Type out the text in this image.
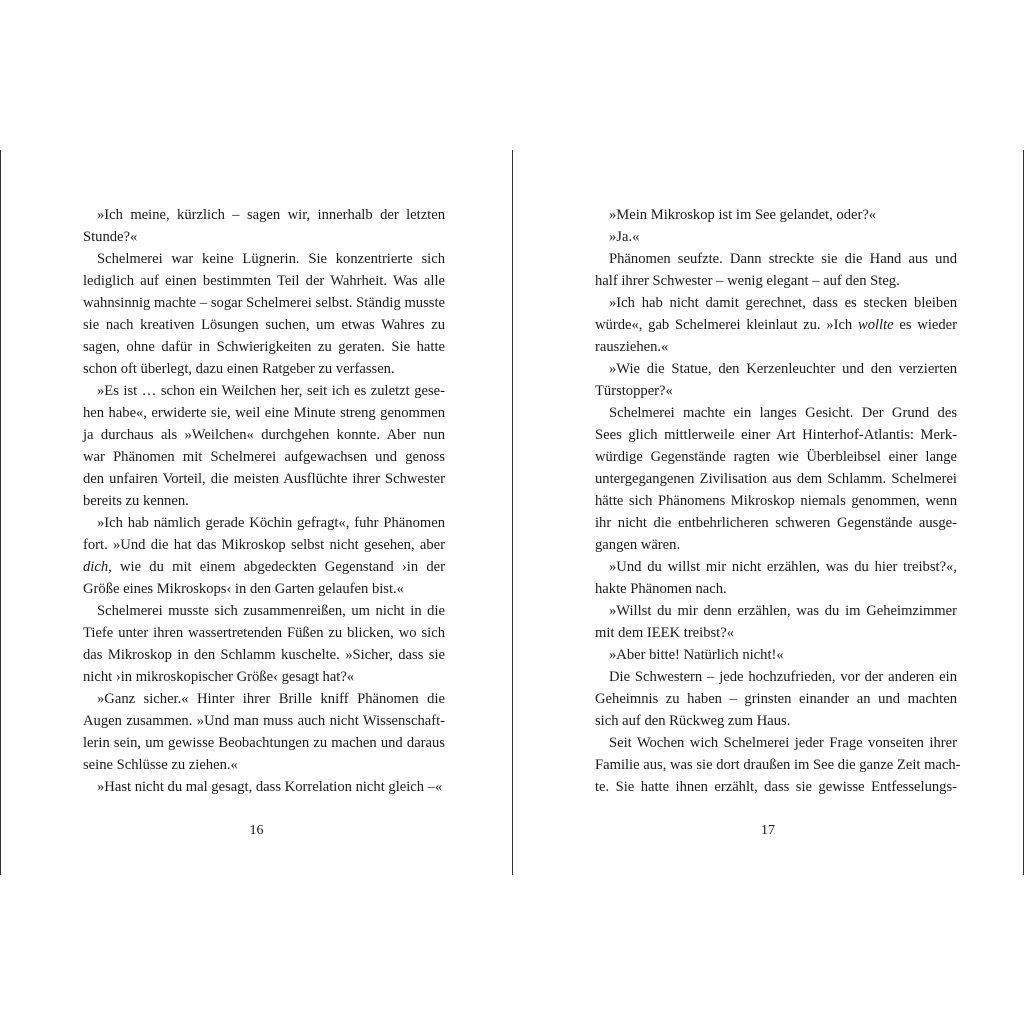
»Ich meine, kürzlich – sagen wir, innerhalb der letzten
Stunde?«
Schelmerei war keine Lügnerin. Sie konzentrierte sich
lediglich auf einen bestimmten Teil der Wahrheit. Was alle
wahnsinnig machte – sogar Schelmerei selbst. Ständig musste
sie nach kreativen Lösungen suchen, um etwas Wahres zu
sagen, ohne dafür in Schwierigkeiten zu geraten. Sie hatte
schon oft überlegt, dazu einen Ratgeber zu verfassen.
»Es ist … schon ein Weilchen her, seit ich es zuletzt gese-
hen habe«, erwiderte sie, weil eine Minute streng genommen
ja durchaus als »Weilchen« durchgehen konnte. Aber nun
war Phänomen mit Schelmerei aufgewachsen und genoss
den unfairen Vorteil, die meisten Ausflüchte ihrer Schwester
bereits zu kennen.
»Ich hab nämlich gerade Köchin gefragt«, fuhr Phänomen
fort. »Und die hat das Mikroskop selbst nicht gesehen, aber
dich, wie du mit einem abgedeckten Gegenstand ›in der
Größe eines Mikroskops‹ in den Garten gelaufen bist.«
Schelmerei musste sich zusammenreißen, um nicht in die
Tiefe unter ihren wassertretenden Füßen zu blicken, wo sich
das Mikroskop in den Schlamm kuschelte. »Sicher, dass sie
nicht ›in mikroskopischer Größe‹ gesagt hat?«
»Ganz sicher.« Hinter ihrer Brille kniff Phänomen die
Augen zusammen. »Und man muss auch nicht Wissenschaft-
lerin sein, um gewisse Beobachtungen zu machen und daraus
seine Schlüsse zu ziehen.«
»Hast nicht du mal gesagt, dass Korrelation nicht gleich –«
16
»Mein Mikroskop ist im See gelandet, oder?«
»Ja.«
Phänomen seufzte. Dann streckte sie die Hand aus und
half ihrer Schwester – wenig elegant – auf den Steg.
»Ich hab nicht damit gerechnet, dass es stecken bleiben
würde«, gab Schelmerei kleinlaut zu. »Ich wollte es wieder
rausziehen.«
»Wie die Statue, den Kerzenleuchter und den verzierten
Türstopper?«
Schelmerei machte ein langes Gesicht. Der Grund des
Sees glich mittlerweile einer Art Hinterhof-Atlantis: Merk-
würdige Gegenstände ragten wie Überbleibsel einer lange
untergegangenen Zivilisation aus dem Schlamm. Schelmerei
hätte sich Phänomens Mikroskop niemals genommen, wenn
ihr nicht die entbehrlicheren schweren Gegenstände ausge-
gangen wären.
»Und du willst mir nicht erzählen, was du hier treibst?«,
hakte Phänomen nach.
»Willst du mir denn erzählen, was du im Geheimzimmer
mit dem IEEK treibst?«
»Aber bitte! Natürlich nicht!«
Die Schwestern – jede hochzufrieden, vor der anderen ein
Geheimnis zu haben – grinsten einander an und machten
sich auf den Rückweg zum Haus.
Seit Wochen wich Schelmerei jeder Frage vonseiten ihrer
Familie aus, was sie dort draußen im See die ganze Zeit mach-
te. Sie hatte ihnen erzählt, dass sie gewisse Entfesselungs-
17
